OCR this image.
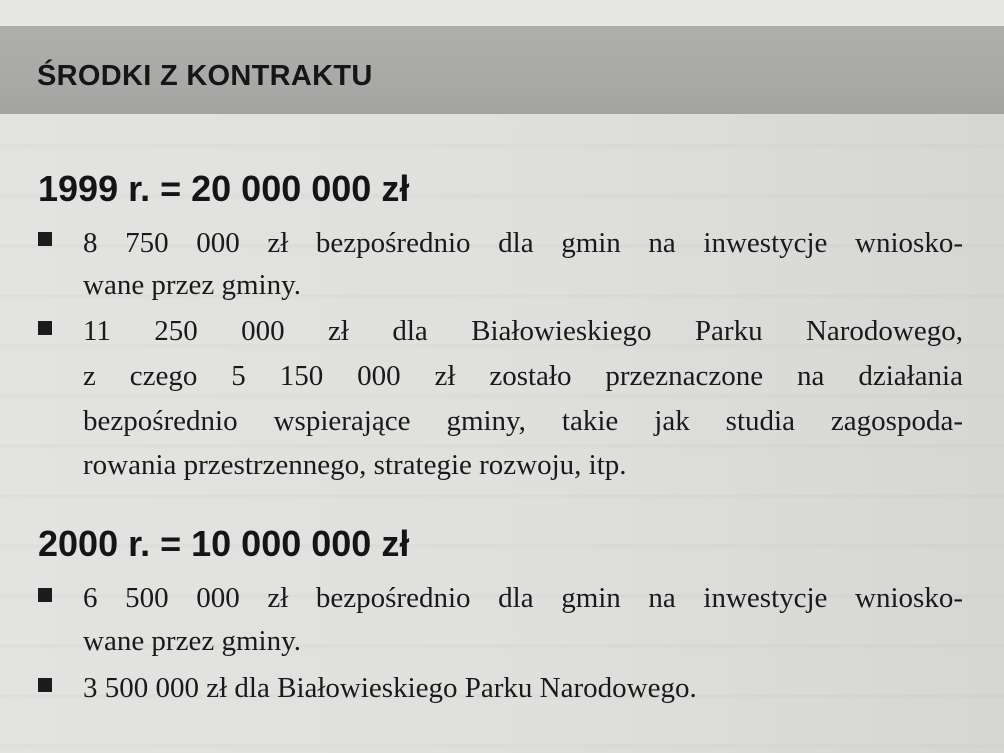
ŚRODKI Z KONTRAKTU
1999 r. = 20 000 000 zł
8 750 000 zł bezpośrednio dla gmin na inwestycje wniosko-
wane przez gminy.
11 250 000 zł dla Białowieskiego Parku Narodowego,
z czego 5 150 000 zł zostało przeznaczone na działania
bezpośrednio wspierające gminy, takie jak studia zagospoda-
rowania przestrzennego, strategie rozwoju, itp.
2000 r. = 10 000 000 zł
6 500 000 zł bezpośrednio dla gmin na inwestycje wniosko-
wane przez gminy.
3 500 000 zł dla Białowieskiego Parku Narodowego.
